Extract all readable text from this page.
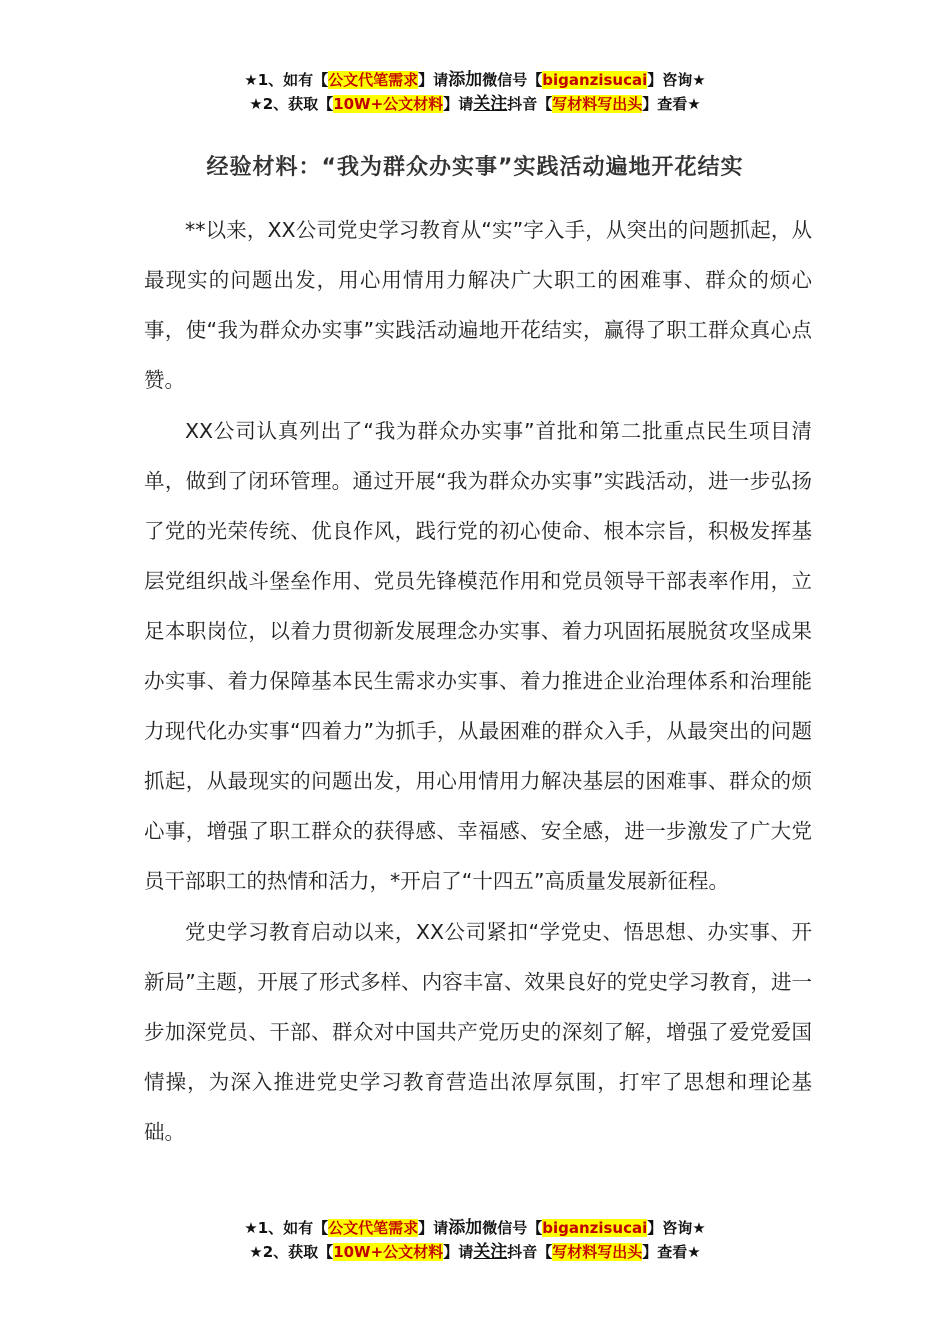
★1、如有【公文代笔需求】请添加微信号【biganzisucai】咨询★
★2、获取【10W+公文材料】请关注抖音【写材料写出头】查看★
经验材料：“我为群众办实事”实践活动遍地开花结实

**以来，XX公司党史学习教育从“实”字入手，从突出的问题抓起，从最现实的问题出发，用心用情用力解决广大职工的困难事、群众的烦心事，使“我为群众办实事”实践活动遍地开花结实，赢得了职工群众真心点赞。

XX公司认真列出了“我为群众办实事”首批和第二批重点民生项目清单，做到了闭环管理。通过开展“我为群众办实事”实践活动，进一步弘扬了党的光荣传统、优良作风，践行党的初心使命、根本宗旨，积极发挥基层党组织战斗堡垒作用、党员先锋模范作用和党员领导干部表率作用，立足本职岗位，以着力贯彻新发展理念办实事、着力巩固拓展脱贫攻坚成果办实事、着力保障基本民生需求办实事、着力推进企业治理体系和治理能力现代化办实事“四着力”为抓手，从最困难的群众入手，从最突出的问题抓起，从最现实的问题出发，用心用情用力解决基层的困难事、群众的烦心事，增强了职工群众的获得感、幸福感、安全感，进一步激发了广大党员干部职工的热情和活力，*开启了“十四五”高质量发展新征程。

党史学习教育启动以来，XX公司紧扣“学党史、悟思想、办实事、开新局”主题，开展了形式多样、内容丰富、效果良好的党史学习教育，进一步加深党员、干部、群众对中国共产党历史的深刻了解，增强了爱党爱国情操，为深入推进党史学习教育营造出浓厚氛围，打牢了思想和理论基础。

★1、如有【公文代笔需求】请添加微信号【biganzisucai】咨询★
★2、获取【10W+公文材料】请关注抖音【写材料写出头】查看★
